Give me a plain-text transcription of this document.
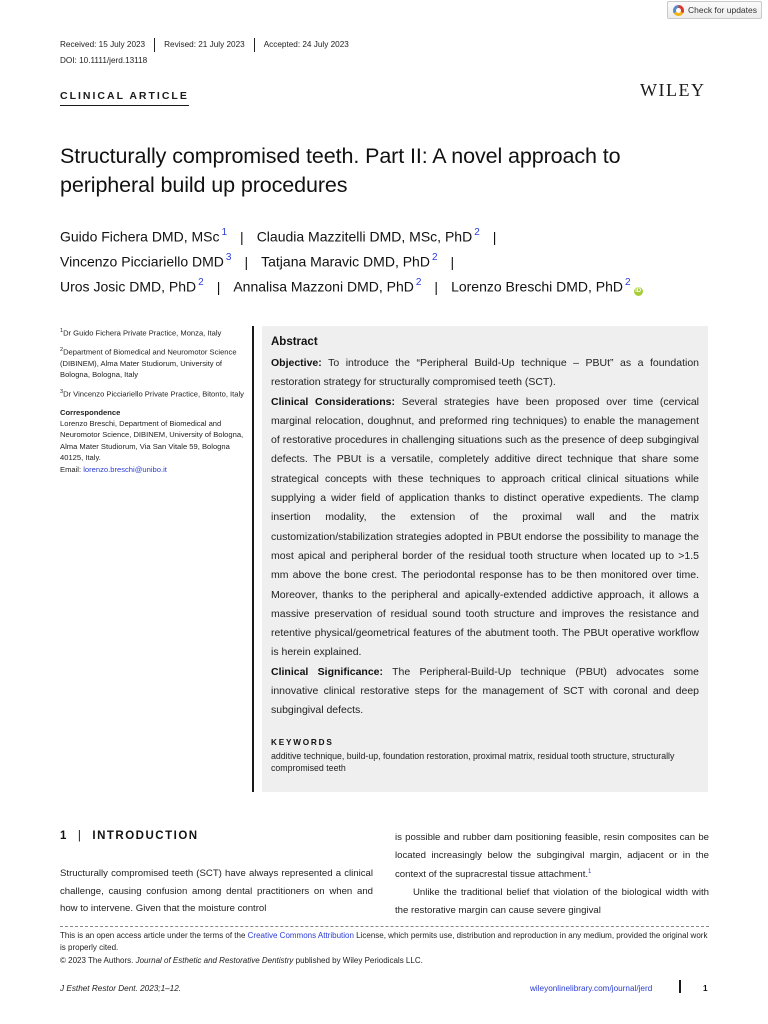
Check for updates
Received: 15 July 2023	Revised: 21 July 2023	Accepted: 24 July 2023
DOI: 10.1111/jerd.13118
CLINICAL ARTICLE	WILEY
Structurally compromised teeth. Part II: A novel approach to peripheral build up procedures
Guido Fichera DMD, MSc $^1$ | Claudia Mazzitelli DMD, MSc, PhD $^2$ |
Vincenzo Picciariello DMD $^3$ | Tatjana Maravic DMD, PhD $^2$ |
Uros Josic DMD, PhD $^2$ | Annalisa Mazzoni DMD, PhD $^2$ | Lorenzo Breschi DMD, PhD $^2$
iD
$^1$Dr Guido Fichera Private Practice, Monza, Italy
$^2$Department of Biomedical and Neuromotor Science (DIBINEM), Alma Mater Studiorum, University of Bologna, Bologna, Italy
$^3$Dr Vincenzo Picciariello Private Practice, Bitonto, Italy
Correspondence
Lorenzo Breschi, Department of Biomedical and Neuromotor Science, DIBINEM, University of Bologna, Alma Mater Studiorum, Via San Vitale 59, Bologna 40125, Italy.
Email: lorenzo.breschi@unibo.it
Abstract
Objective: To introduce the “Peripheral Build-Up technique – PBUt” as a foundation restoration strategy for structurally compromised teeth (SCT).
Clinical Considerations: Several strategies have been proposed over time (cervical marginal relocation, doughnut, and preformed ring techniques) to enable the management of restorative procedures in challenging situations such as the presence of deep subgingival defects. The PBUt is a versatile, completely additive direct technique that share some strategical concepts with these techniques to approach critical clinical situations while supplying a wider field of application thanks to distinct operative expedients. The clamp insertion modality, the extension of the proximal wall and the matrix customization/stabilization strategies adopted in PBUt endorse the possibility to manage the most apical and peripheral border of the residual tooth structure when located up to >1.5 mm above the bone crest. The periodontal response has to be then monitored over time. Moreover, thanks to the peripheral and apically-extended addictive approach, it allows a massive preservation of residual sound tooth structure and improves the resistance and retentive physical/geometrical features of the abutment tooth. The PBUt operative workflow is herein explained.
Clinical Significance: The Peripheral-Build-Up technique (PBUt) advocates some innovative clinical restorative steps for the management of SCT with coronal and deep subgingival defects.
KEYWORDS
additive technique, build-up, foundation restoration, proximal matrix, residual tooth structure, structurally compromised teeth
1 | INTRODUCTION
Structurally compromised teeth (SCT) have always represented a clinical challenge, causing confusion among dental practitioners on when and how to intervene. Given that the moisture control
is possible and rubber dam positioning feasible, resin composites can be located increasingly below the subgingival margin, adjacent or in the context of the supracrestal tissue attachment.$^1$
Unlike the traditional belief that violation of the biological width with the restorative margin can cause severe gingival
This is an open access article under the terms of the Creative Commons Attribution License, which permits use, distribution and reproduction in any medium, provided the original work is properly cited.
© 2023 The Authors. Journal of Esthetic and Restorative Dentistry published by Wiley Periodicals LLC.
J Esthet Restor Dent. 2023;1–12.	wileyonlinelibrary.com/journal/jerd	1
